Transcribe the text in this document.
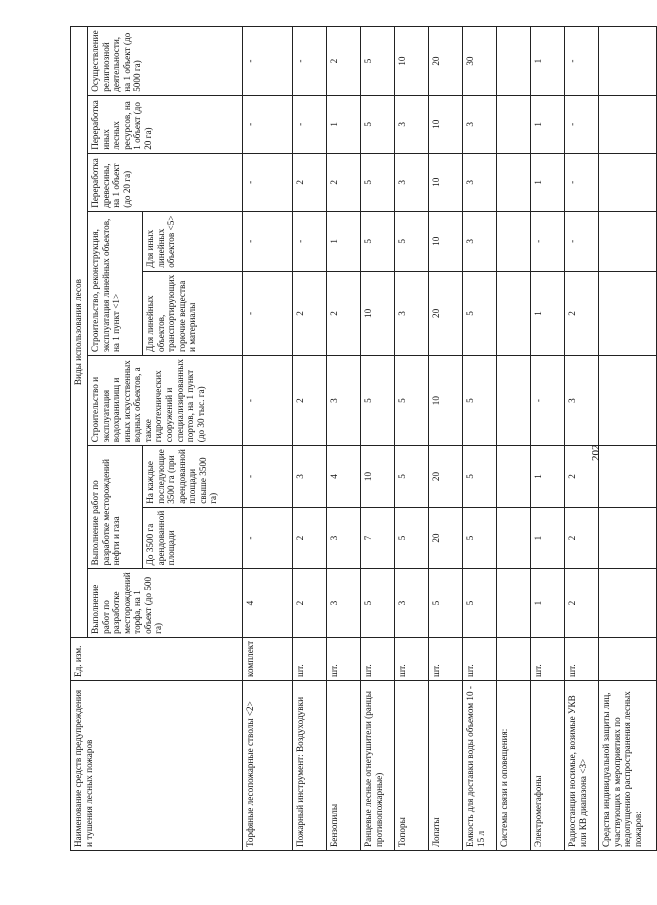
Наименование средств предупреждения и тушения лесных пожаров	Ед. изм.	Виды использования лесов								
		Выполнение работ по разработке месторождений торфа, на 1 объект (до 500 га)	Выполнение работ по разработке месторождений нефти и газа		Строительство и эксплуатация водохранилищ и иных искусственных водных объектов, а также гидротехнических сооружений и специализированных портов, на 1 пункт (до 30 тыс. га)	Строительство, реконструкция, эксплуатация линейных объектов, на 1 пункт <1>		Переработка древесины, на 1 объект (до 20 га)	Переработка иных лесных ресурсов, на 1 объект (до 20 га)	Осуществление религиозной деятельности, на 1 объект (до 5000 га)
			До 3500 га арендованной площади	На каждые последующие 3500 га (при арендованной площади свыше 3500 га)		Для линейных объектов, транспортирующих горючие вещества и материалы	Для иных линейных объектов <5>			
Торфяные лесопожарные стволы <2>	комплект	4	-	-	-	-	-	-	-	-
Пожарный инструмент: Воздуходувки	шт.	2	2	3	2	2	-	2	-	-
Бензопилы	шт.	3	3	4	3	2	1	2	1	2
Ранцевые лесные огнетушители (ранцы противопожарные)	шт.	5	7	10	5	10	5	5	5	5
Топоры	шт.	3	5	5	5	3	5	3	3	10
Лопаты	шт.	5	20	20	10	20	10	10	10	20
Емкость для доставки воды объемом 10 - 15 л	шт.	5	5	5	5	5	3	3	3	30
Системы связи и оповещения:										
Электромегафоны	шт.	1	1	1	-	1	-	1	1	1
Радиостанции носимые, возимые УКВ или КВ диапазона <3>	шт.	2	2	2	3	2	-	-	-	-
Средства индивидуальной защиты лиц, участвующих в мероприятиях по недопущению распространения лесных пожаров:										
202
